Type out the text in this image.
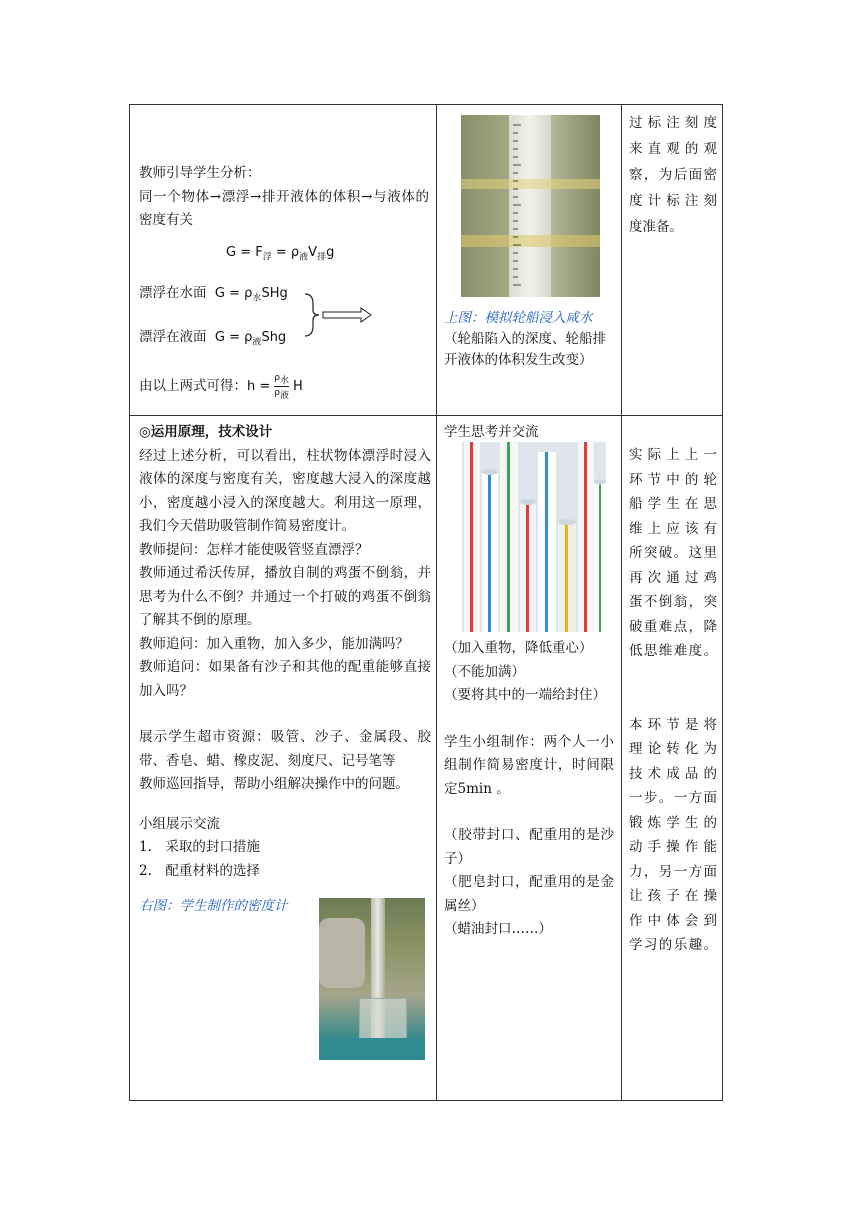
教师引导学生分析：

同一个物体→漂浮→排开液体的体积→与液体的密度有关

$G = F_浮 = \rho_液V_排g$
漂浮在水面  $G = \rho_水SHg$
漂浮在液面  $G = \rho_液Shg$
由以上两式可得： h =
$\rho_水$
$\rho_液$
H

上图：模拟轮船浸入咸水

（轮船陷入的深度、轮船排开液体的体积发生改变）

过标注刻度

来直观的观

察，为后面密

度计标注刻

度准备。

◎运用原理，技术设计

经过上述分析，可以看出，柱状物体漂浮时浸入液体的深度与密度有关，密度越大浸入的深度越小，密度越小浸入的深度越大。利用这一原理，我们今天借助吸管制作简易密度计。

教师提问：怎样才能使吸管竖直漂浮？

教师通过希沃传屏，播放自制的鸡蛋不倒翁，并思考为什么不倒？并通过一个打破的鸡蛋不倒翁了解其不倒的原理。

教师追问：加入重物，加入多少，能加满吗？

教师追问：如果备有沙子和其他的配重能够直接加入吗？

展示学生超市资源：吸管、沙子、金属段、胶带、香皂、蜡、橡皮泥、刻度尺、记号笔等

教师巡回指导，帮助小组解决操作中的问题。

小组展示交流

1.　采取的封口措施

2.　配重材料的选择

右图：学生制作的密度计

学生思考并交流

（加入重物，降低重心）

（不能加满）

（要将其中的一端给封住）

学生小组制作：两个人一小组制作简易密度计，时间限定5min 。

（胶带封口、配重用的是沙子）

（肥皂封口，配重用的是金属丝）

（蜡油封口……）

实际上上一

环节中的轮

船学生在思

维上应该有

所突破。这里

再次通过鸡

蛋不倒翁，突

破重难点，降

低思维难度。

本环节是将

理论转化为

技术成品的

一步。一方面

锻炼学生的

动手操作能

力，另一方面

让孩子在操

作中体会到

学习的乐趣。
